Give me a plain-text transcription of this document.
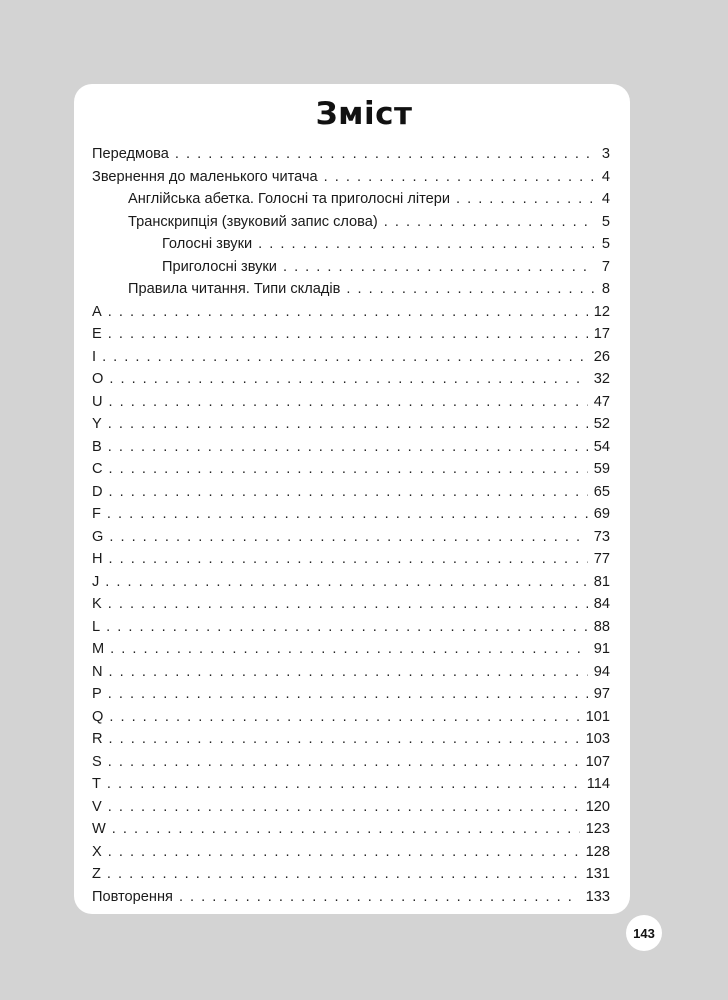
Зміст
Передмова . . .	3
Звернення до маленького читача . . .	4
Англійська абетка. Голосні та приголосні літери . . .	4
Транскрипція (звуковий запис слова) . . .	5
Голосні звуки . . .	5
Приголосні звуки . . .	7
Правила читання. Типи складів . . .	8
A . . .	12
E . . .	17
I . . .	26
O . . .	32
U . . .	47
Y . . .	52
B . . .	54
C . . .	59
D . . .	65
F . . .	69
G . . .	73
H . . .	77
J . . .	81
K . . .	84
L . . .	88
M . . .	91
N . . .	94
P . . .	97
Q . . .	101
R . . .	103
S . . .	107
T . . .	114
V . . .	120
W . . .	123
X . . .	128
Z . . .	131
Повторення . . .	133
143
